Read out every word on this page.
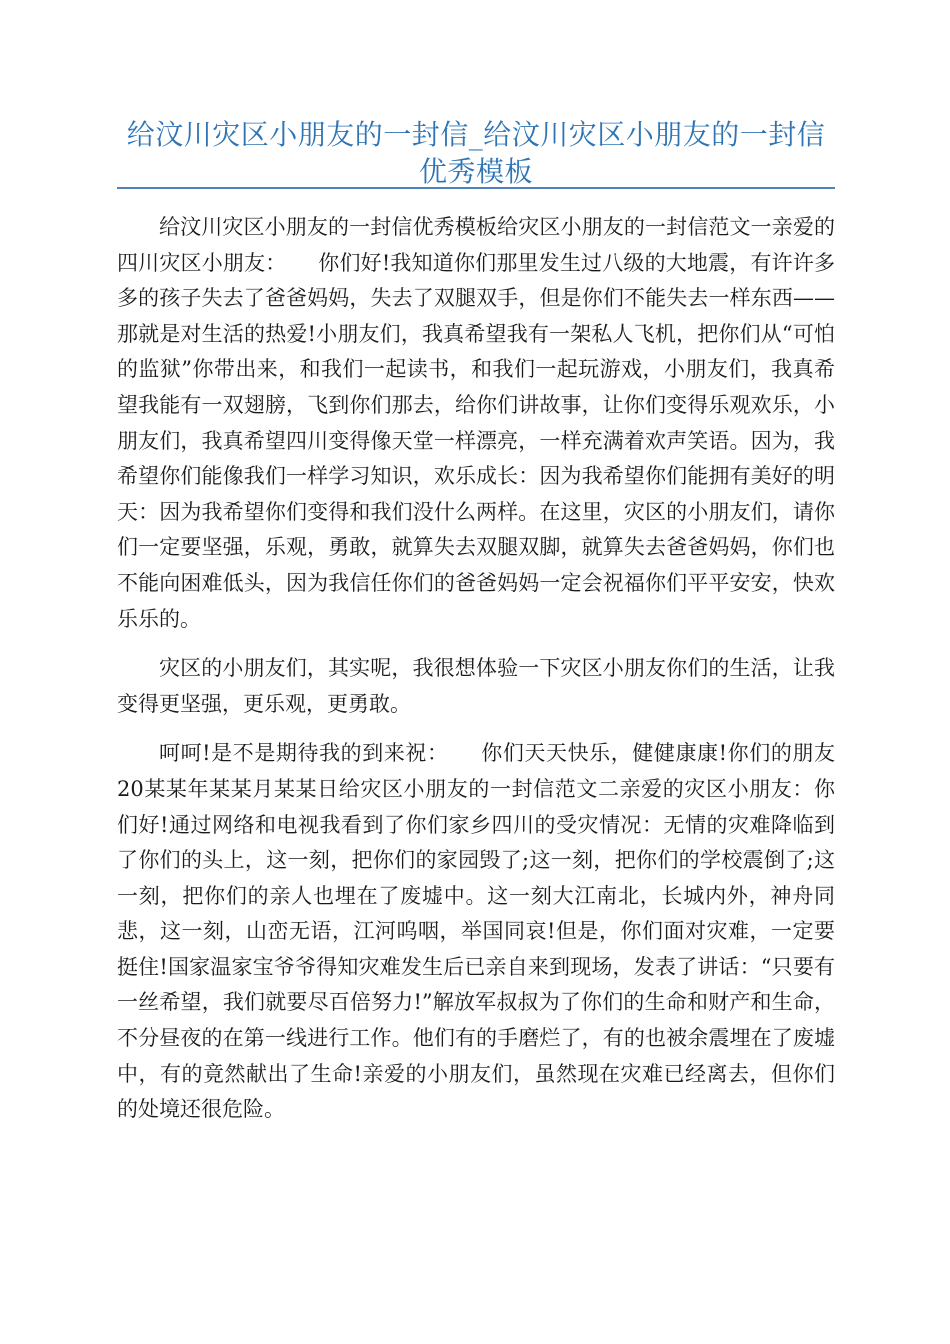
给汶川灾区小朋友的一封信_给汶川灾区小朋友的一封信优秀模板

给汶川灾区小朋友的一封信优秀模板给灾区小朋友的一封信范文一亲爱的四川灾区小朋友：　　你们好!我知道你们那里发生过八级的大地震，有许许多多的孩子失去了爸爸妈妈，失去了双腿双手，但是你们不能失去一样东西——那就是对生活的热爱!小朋友们，我真希望我有一架私人飞机，把你们从“可怕的监狱”你带出来，和我们一起读书，和我们一起玩游戏，小朋友们，我真希望我能有一双翅膀，飞到你们那去，给你们讲故事，让你们变得乐观欢乐，小朋友们，我真希望四川变得像天堂一样漂亮，一样充满着欢声笑语。因为，我希望你们能像我们一样学习知识，欢乐成长：因为我希望你们能拥有美好的明天：因为我希望你们变得和我们没什么两样。在这里，灾区的小朋友们，请你们一定要坚强，乐观，勇敢，就算失去双腿双脚，就算失去爸爸妈妈，你们也不能向困难低头，因为我信任你们的爸爸妈妈一定会祝福你们平平安安，快欢乐乐的。

灾区的小朋友们，其实呢，我很想体验一下灾区小朋友你们的生活，让我变得更坚强，更乐观，更勇敢。

呵呵!是不是期待我的到来祝：　　你们天天快乐，健健康康!你们的朋友20某某年某某月某某日给灾区小朋友的一封信范文二亲爱的灾区小朋友：你们好!通过网络和电视我看到了你们家乡四川的受灾情况：无情的灾难降临到了你们的头上，这一刻，把你们的家园毁了;这一刻，把你们的学校震倒了;这一刻，把你们的亲人也埋在了废墟中。这一刻大江南北，长城内外，神舟同悲，这一刻，山峦无语，江河呜咽，举国同哀!但是，你们面对灾难，一定要挺住!国家温家宝爷爷得知灾难发生后已亲自来到现场，发表了讲话：“只要有一丝希望，我们就要尽百倍努力!”解放军叔叔为了你们的生命和财产和生命，不分昼夜的在第一线进行工作。他们有的手磨烂了，有的也被余震埋在了废墟中，有的竟然献出了生命!亲爱的小朋友们，虽然现在灾难已经离去，但你们的处境还很危险。
